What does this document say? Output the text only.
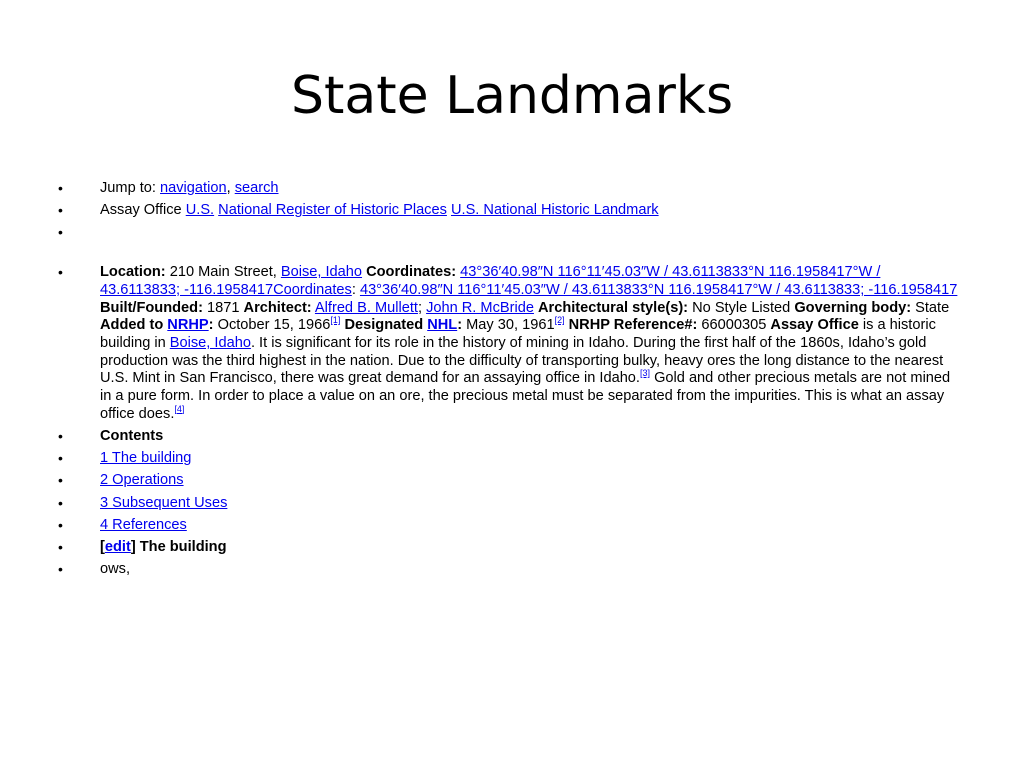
State Landmarks
• Jump to: navigation, search
• Assay Office U.S. National Register of Historic Places U.S. National Historic Landmark
•
• Location: 210 Main Street, Boise, Idaho Coordinates: 43°36′40.98″N 116°11′45.03″W / 43.6113833°N 116.1958417°W / 43.6113833; -116.1958417Coordinates: 43°36′40.98″N 116°11′45.03″W / 43.6113833°N 116.1958417°W / 43.6113833; -116.1958417 Built/Founded: 1871 Architect: Alfred B. Mullett; John R. McBride Architectural style(s): No Style Listed Governing body: State Added to NRHP: October 15, 1966[1] Designated NHL: May 30, 1961[2] NRHP Reference#: 66000305 Assay Office is a historic building in Boise, Idaho. It is significant for its role in the history of mining in Idaho. During the first half of the 1860s, Idaho’s gold production was the third highest in the nation. Due to the difficulty of transporting bulky, heavy ores the long distance to the nearest U.S. Mint in San Francisco, there was great demand for an assaying office in Idaho.[3] Gold and other precious metals are not mined in a pure form. In order to place a value on an ore, the precious metal must be separated from the impurities. This is what an assay office does.[4]
• Contents
• 1 The building
• 2 Operations
• 3 Subsequent Uses
• 4 References
• [edit] The building
• ows,
